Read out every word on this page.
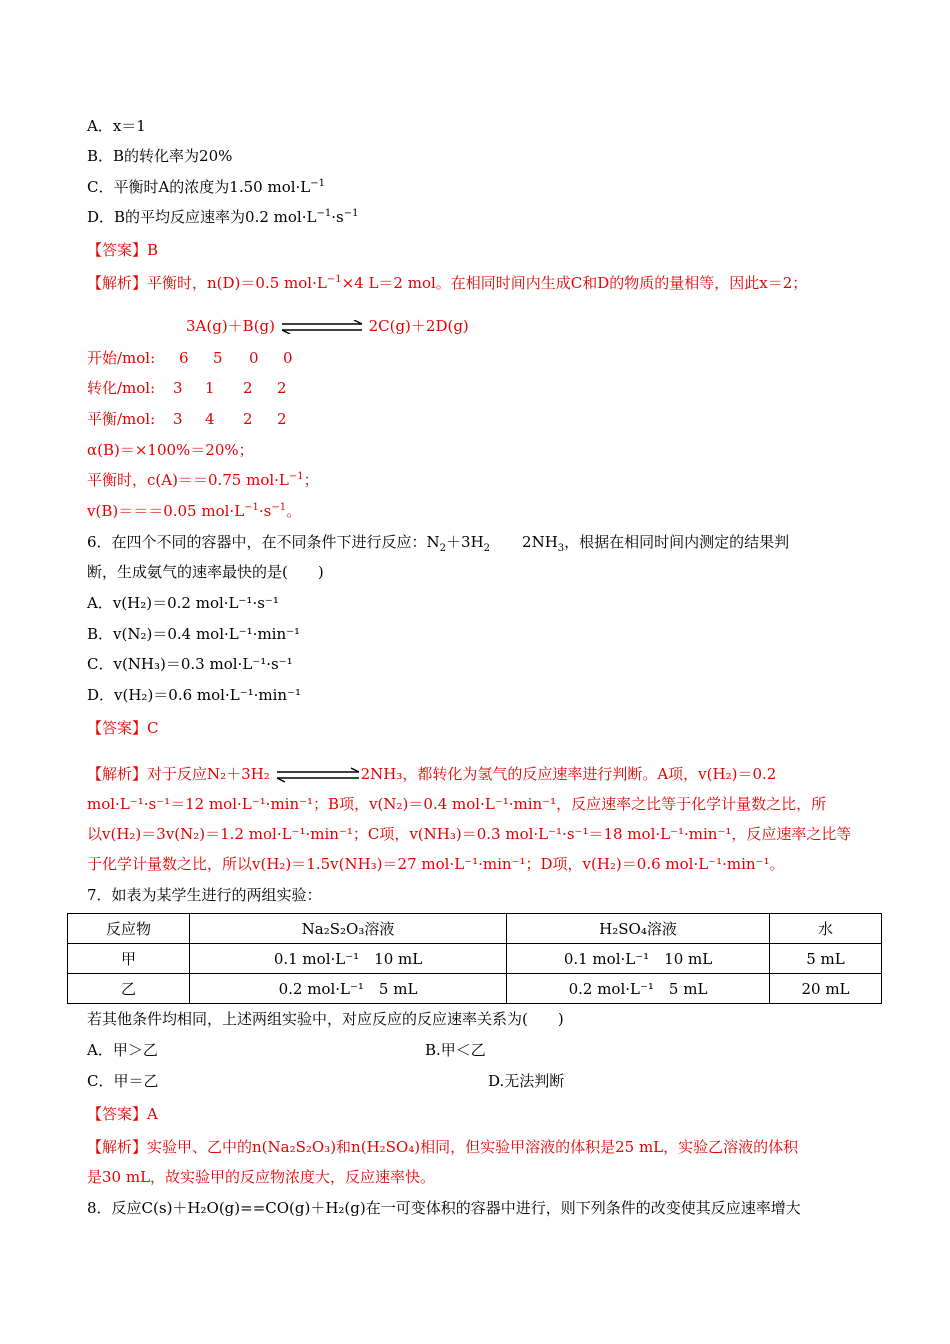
A．x＝1
B．B的转化率为20%
C．平衡时A的浓度为1.50 $mol\cdot L^{-1}$
D．B的平均反应速率为0.2 $mol\cdot L^{-1}\cdot s^{-1}$
【答案】B
【解析】平衡时，n(D)＝0.5 $mol\cdot L^{-1}\times 4$ L＝2 mol。在相同时间内生成C和D的物质的量相等，因此x＝2；
3A(g)＋B(g)	2C(g)＋2D(g)
开始/mol: 6 5 0 0
转化/mol: 3 1 2 2
平衡/mol: 3 4 2 2
α(B)＝×100%＝20%；
平衡时，c(A)＝＝0.75 $mol\cdot L^{-1}$；
v(B)＝＝＝0.05 $mol\cdot L^{-1}\cdot s^{-1}$。
6．在四个不同的容器中，在不同条件下进行反应：$N_2+3H_2$ $2NH_3$，根据在相同时间内测定的结果判
断，生成氨气的速率最快的是(　　)
A．v(H₂)＝0.2 mol·L⁻¹·s⁻¹
B．v(N₂)＝0.4 mol·L⁻¹·min⁻¹
C．v(NH₃)＝0.3 mol·L⁻¹·s⁻¹
D．v(H₂)＝0.6 mol·L⁻¹·min⁻¹
【答案】C
【解析】对于反应N₂＋3H₂	2NH₃，都转化为氢气的反应速率进行判断。A项，v(H₂)＝0.2
mol·L⁻¹·s⁻¹＝12 mol·L⁻¹·min⁻¹；B项，v(N₂)＝0.4 mol·L⁻¹·min⁻¹，反应速率之比等于化学计量数之比，所
以v(H₂)＝3v(N₂)＝1.2 mol·L⁻¹·min⁻¹；C项，v(NH₃)＝0.3 mol·L⁻¹·s⁻¹＝18 mol·L⁻¹·min⁻¹，反应速率之比等
于化学计量数之比，所以v(H₂)＝1.5v(NH₃)＝27 mol·L⁻¹·min⁻¹；D项，v(H₂)＝0.6 mol·L⁻¹·min⁻¹。
7．如表为某学生进行的两组实验：
反应物	Na₂S₂O₃溶液	H₂SO₄溶液	水
甲	0.1 mol·L⁻¹　10 mL	0.1 mol·L⁻¹　10 mL	5 mL
乙	0.2 mol·L⁻¹　5 mL	0.2 mol·L⁻¹　5 mL	20 mL
若其他条件均相同，上述两组实验中，对应反应的反应速率关系为(　　)
A．甲＞乙	B.甲＜乙
C．甲＝乙	D.无法判断
【答案】A
【解析】实验甲、乙中的n(Na₂S₂O₃)和n(H₂SO₄)相同，但实验甲溶液的体积是25 mL，实验乙溶液的体积
是30 mL，故实验甲的反应物浓度大，反应速率快。
8．反应C(s)＋H₂O(g)==CO(g)＋H₂(g)在一可变体积的容器中进行，则下列条件的改变使其反应速率增大
